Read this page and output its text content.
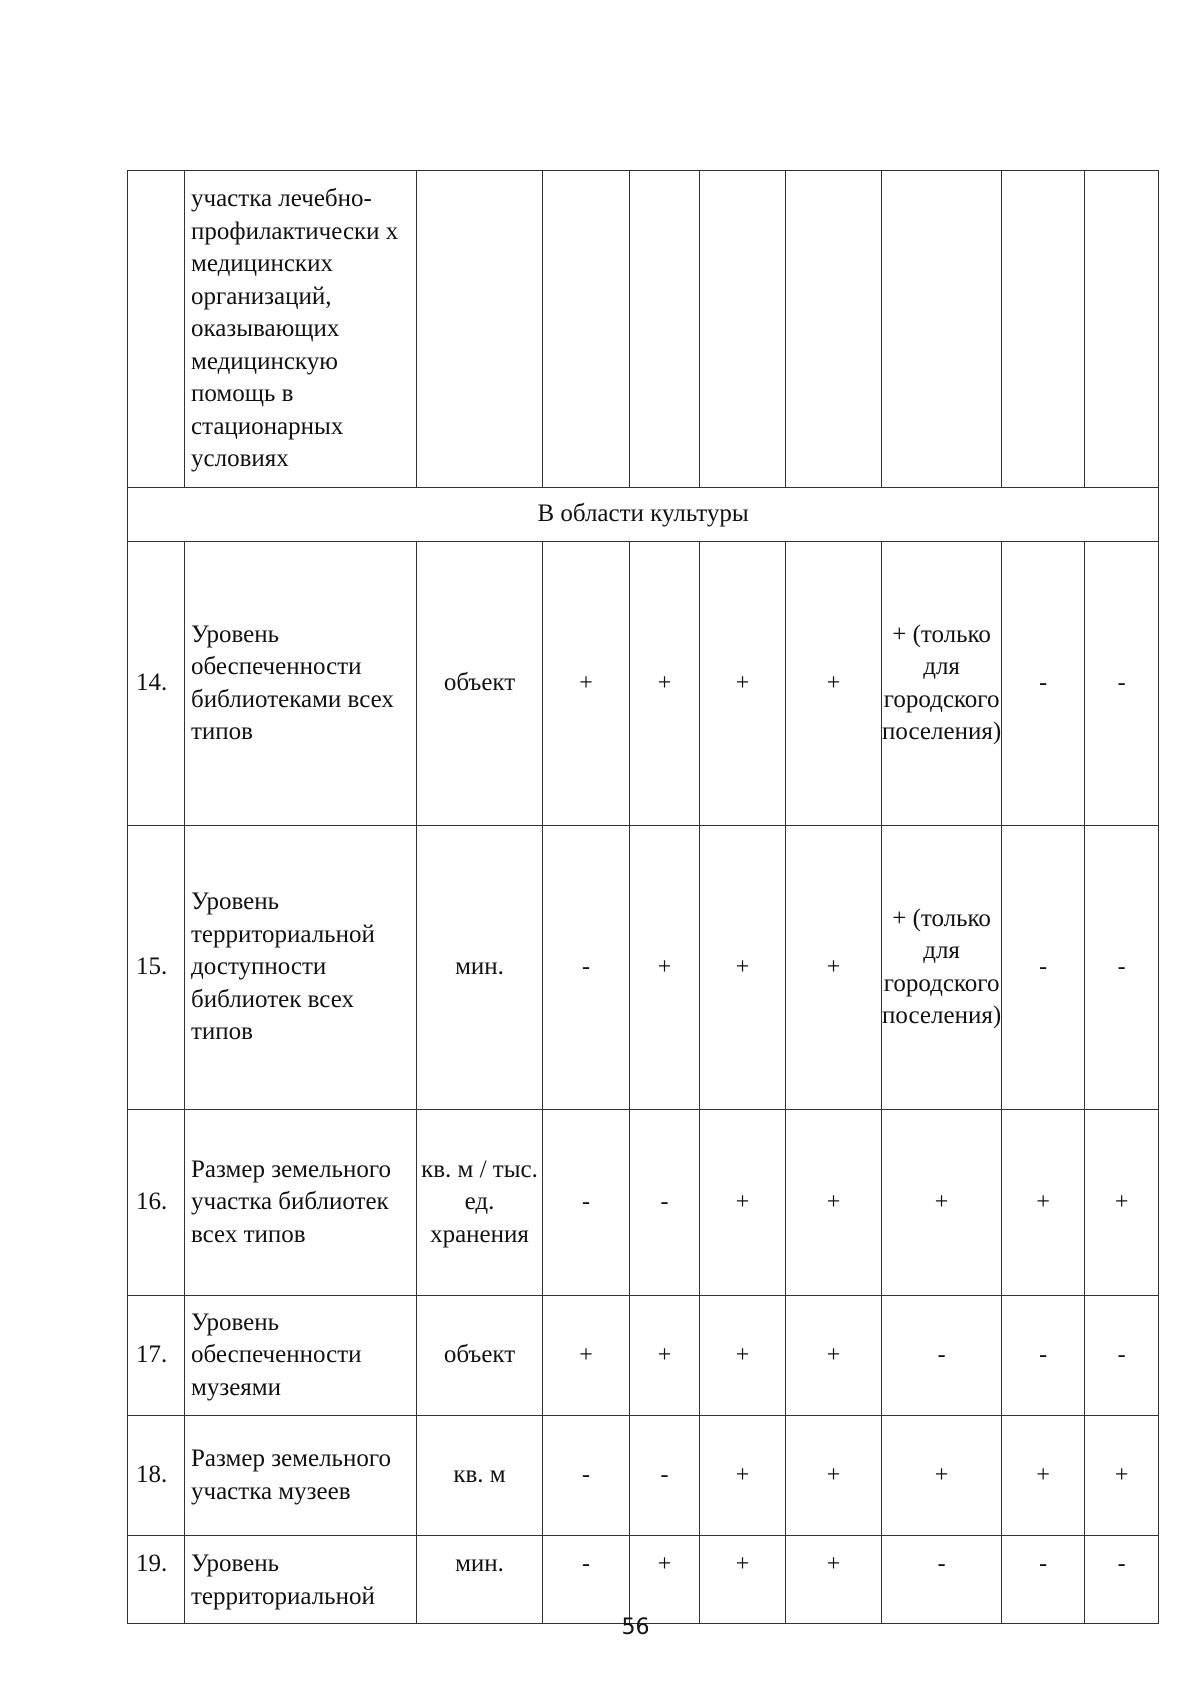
	участка лечебно-профилактически х медицинских организаций, оказывающих медицинскую помощь в стационарных условиях								
В области культуры									
14.	Уровень обеспеченности библиотеками всех типов	объект	+	+	+	+	+ (только для городского поселения)	-	-
15.	Уровень территориальной доступности библиотек всех типов	мин.	-	+	+	+	+ (только для городского поселения)	-	-
16.	Размер земельного участка библиотек всех типов	кв. м / тыс. ед. хранения	-	-	+	+	+	+	+
17.	Уровень обеспеченности музеями	объект	+	+	+	+	-	-	-
18.	Размер земельного участка музеев	кв. м	-	-	+	+	+	+	+
19.	Уровень территориальной	мин.	-	+	+	+	-	-	-
56
